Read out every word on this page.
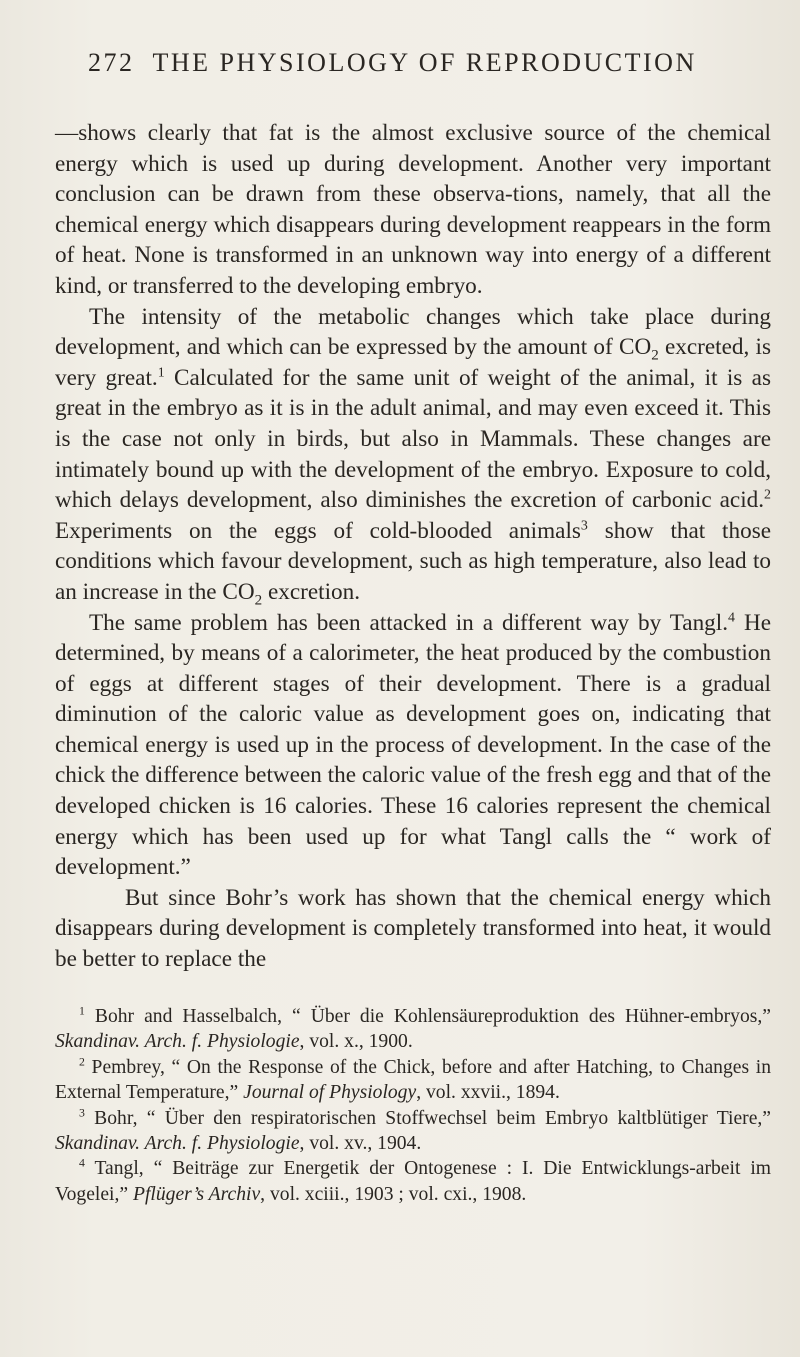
272 THE PHYSIOLOGY OF REPRODUCTION

—shows clearly that fat is the almost exclusive source of the chemical energy which is used up during development. Another very important conclusion can be drawn from these observa-tions, namely, that all the chemical energy which disappears during development reappears in the form of heat. None is transformed in an unknown way into energy of a different kind, or transferred to the developing embryo.

The intensity of the metabolic changes which take place during development, and which can be expressed by the amount of $CO_2$ excreted, is very great.$^1$ Calculated for the same unit of weight of the animal, it is as great in the embryo as it is in the adult animal, and may even exceed it. This is the case not only in birds, but also in Mammals. These changes are intimately bound up with the development of the embryo. Exposure to cold, which delays development, also diminishes the excretion of carbonic acid.$^2$ Experiments on the eggs of cold-blooded animals$^3$ show that those conditions which favour development, such as high temperature, also lead to an increase in the $CO_2$ excretion.

The same problem has been attacked in a different way by Tangl.$^4$ He determined, by means of a calorimeter, the heat produced by the combustion of eggs at different stages of their development. There is a gradual diminution of the caloric value as development goes on, indicating that chemical energy is used up in the process of development. In the case of the chick the difference between the caloric value of the fresh egg and that of the developed chicken is 16 calories. These 16 calories represent the chemical energy which has been used up for what Tangl calls the “ work of development.”

But since Bohr’s work has shown that the chemical energy which disappears during development is completely transformed into heat, it would be better to replace the

$^1$ Bohr and Hasselbalch, “ Über die Kohlensäureproduktion des Hühner-embryos,” Skandinav. Arch. f. Physiologie, vol. x., 1900.

$^2$ Pembrey, “ On the Response of the Chick, before and after Hatching, to Changes in External Temperature,” Journal of Physiology, vol. xxvii., 1894.

$^3$ Bohr, “ Über den respiratorischen Stoffwechsel beim Embryo kaltblütiger Tiere,” Skandinav. Arch. f. Physiologie, vol. xv., 1904.

$^4$ Tangl, “ Beiträge zur Energetik der Ontogenese : I. Die Entwicklungs-arbeit im Vogelei,” Pflüger’s Archiv, vol. xciii., 1903 ; vol. cxi., 1908.
